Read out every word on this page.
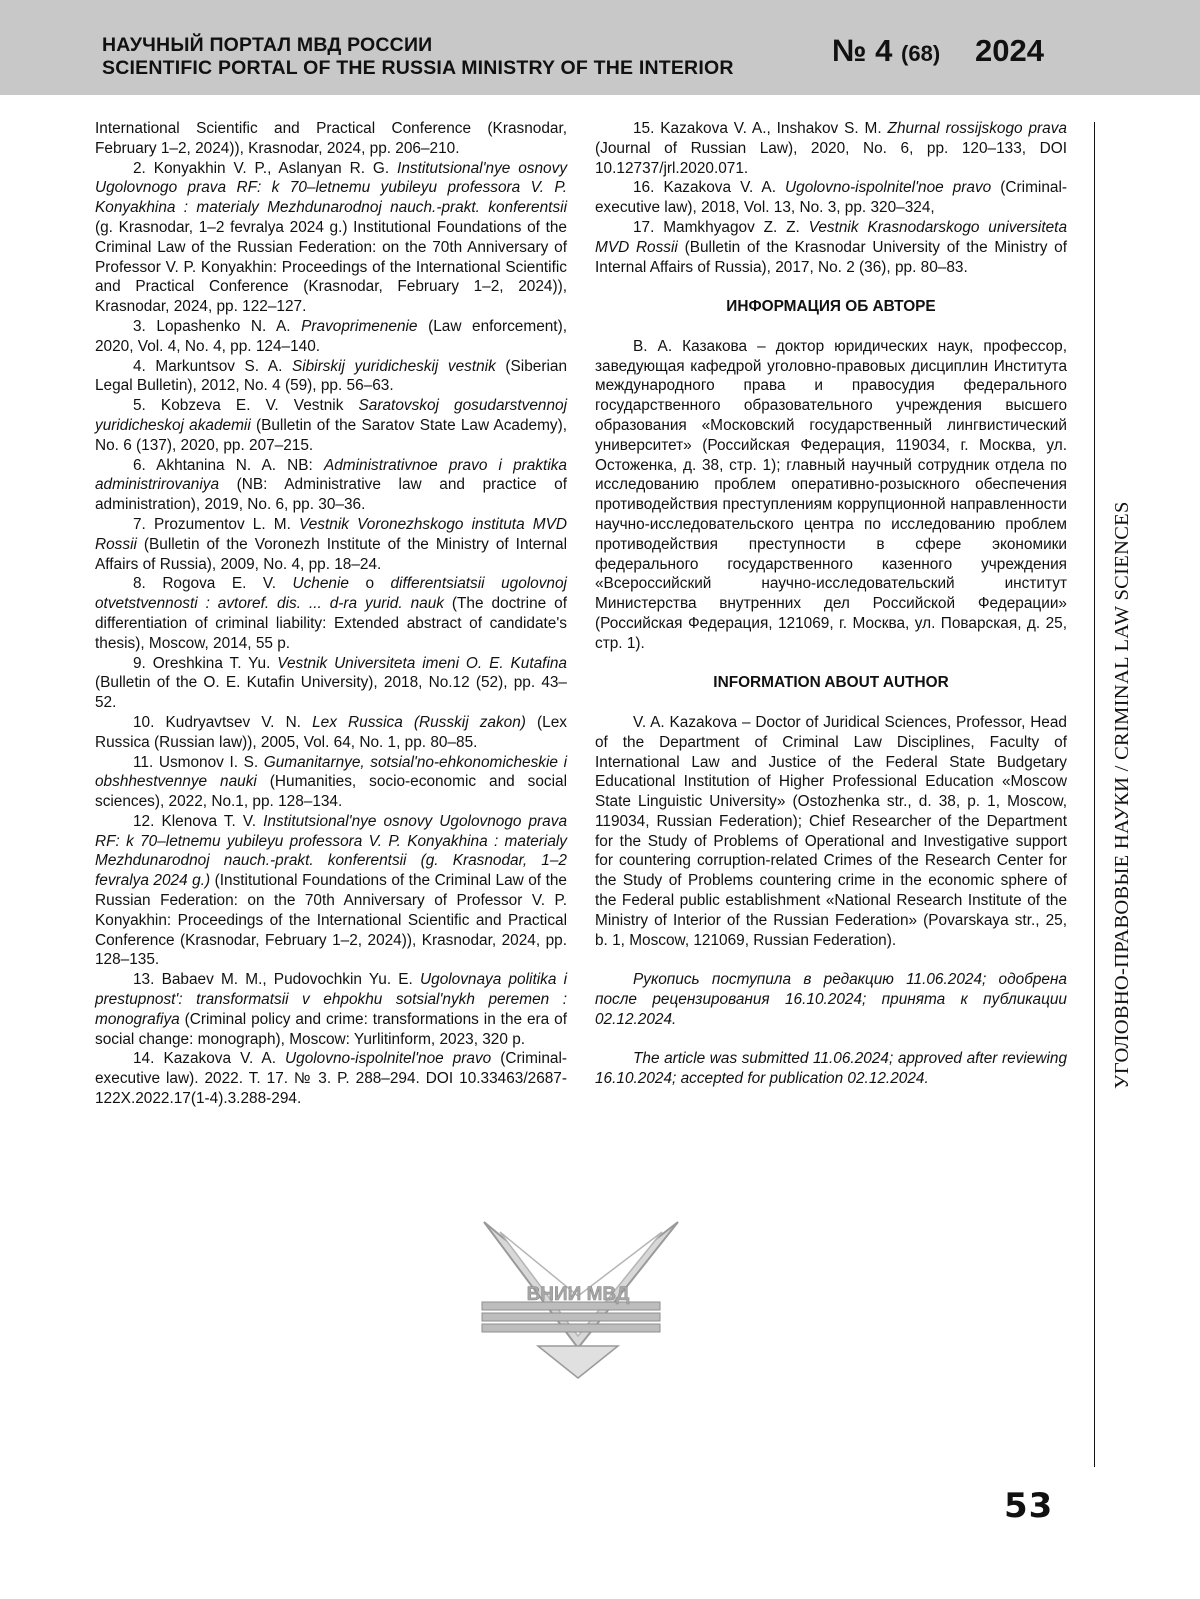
НАУЧНЫЙ ПОРТАЛ МВД РОССИИ
SCIENTIFIC PORTAL OF THE RUSSIA MINISTRY OF THE INTERIOR	№ 4 (68) 2024

International Scientific and Practical Conference (Krasnodar, February 1–2, 2024)), Krasnodar, 2024, pp. 206–210.

2. Konyakhin V. P., Aslanyan R. G. Institutsional'nye osnovy Ugolovnogo prava RF: k 70–letnemu yubileyu professora V. P. Konyakhina : materialy Mezhdunarodnoj nauch.-prakt. konferentsii (g. Krasnodar, 1–2 fevralya 2024 g.) Institutional Foundations of the Criminal Law of the Russian Federation: on the 70th Anniversary of Professor V. P. Konyakhin: Proceedings of the International Scientific and Practical Conference (Krasnodar, February 1–2, 2024)), Krasnodar, 2024, pp. 122–127.

3. Lopashenko N. A. Pravoprimenenie (Law enforcement), 2020, Vol. 4, No. 4, pp. 124–140.

4. Markuntsov S. A. Sibirskij yuridicheskij vestnik (Siberian Legal Bulletin), 2012, No. 4 (59), pp. 56–63.

5. Kobzeva E. V. Vestnik Saratovskoj gosudarstvennoj yuridicheskoj akademii (Bulletin of the Saratov State Law Academy), No. 6 (137), 2020, pp. 207–215.

6. Akhtanina N. A. NB: Administrativnoe pravo i praktika administrirovaniya (NB: Administrative law and practice of administration), 2019, No. 6, pp. 30–36.

7. Prozumentov L. M. Vestnik Voronezhskogo instituta MVD Rossii (Bulletin of the Voronezh Institute of the Ministry of Internal Affairs of Russia), 2009, No. 4, pp. 18–24.

8. Rogova E. V. Uchenie o differentsiatsii ugolovnoj otvetstvennosti : avtoref. dis. ... d-ra yurid. nauk (The doctrine of differentiation of criminal liability: Extended abstract of candidate's thesis), Moscow, 2014, 55 p.

9. Oreshkina T. Yu. Vestnik Universiteta imeni O. E. Kutafina (Bulletin of the O. E. Kutafin University), 2018, No.12 (52), pp. 43–52.

10. Kudryavtsev V. N. Lex Russica (Russkij zakon) (Lex Russica (Russian law)), 2005, Vol. 64, No. 1, pp. 80–85.

11. Usmonov I. S. Gumanitarnye, sotsial'no-ehkonomicheskie i obshhestvennye nauki (Humanities, socio-economic and social sciences), 2022, No.1, pp. 128–134.

12. Klenova T. V. Institutsional'nye osnovy Ugolovnogo prava RF: k 70–letnemu yubileyu professora V. P. Konyakhina : materialy Mezhdunarodnoj nauch.-prakt. konferentsii (g. Krasnodar, 1–2 fevralya 2024 g.) (Institutional Foundations of the Criminal Law of the Russian Federation: on the 70th Anniversary of Professor V. P. Konyakhin: Proceedings of the International Scientific and Practical Conference (Krasnodar, February 1–2, 2024)), Krasnodar, 2024, pp. 128–135.

13. Babaev M. M., Pudovochkin Yu. E. Ugolovnaya politika i prestupnost': transformatsii v ehpokhu sotsial'nykh peremen : monografiya (Criminal policy and crime: transformations in the era of social change: monograph), Moscow: Yurlitinform, 2023, 320 p.

14. Kazakova V. A. Ugolovno-ispolnitel'noe pravo (Criminal-executive law). 2022. T. 17. № 3. P. 288–294. DOI 10.33463/2687-122X.2022.17(1-4).3.288-294.

15. Kazakova V. A., Inshakov S. M. Zhurnal rossijskogo prava (Journal of Russian Law), 2020, No. 6, pp. 120–133, DOI 10.12737/jrl.2020.071.

16. Kazakova V. A. Ugolovno-ispolnitel'noe pravo (Criminal-executive law), 2018, Vol. 13, No. 3, pp. 320–324,

17. Mamkhyagov Z. Z. Vestnik Krasnodarskogo universiteta MVD Rossii (Bulletin of the Krasnodar University of the Ministry of Internal Affairs of Russia), 2017, No. 2 (36), pp. 80–83.

ИНФОРМАЦИЯ ОБ АВТОРЕ

В. А. Казакова – доктор юридических наук, профессор, заведующая кафедрой уголовно-правовых дисциплин Института международного права и правосудия федерального государственного образовательного учреждения высшего образования «Московский государственный лингвистический университет» (Российская Федерация, 119034, г. Москва, ул. Остоженка, д. 38, стр. 1); главный научный сотрудник отдела по исследованию проблем оперативно-розыскного обеспечения противодействия преступлениям коррупционной направленности научно-исследовательского центра по исследованию проблем противодействия преступности в сфере экономики федерального государственного казенного учреждения «Всероссийский научно-исследовательский институт Министерства внутренних дел Российской Федерации» (Российская Федерация, 121069, г. Москва, ул. Поварская, д. 25, стр. 1).

INFORMATION ABOUT AUTHOR

V. A. Kazakova – Doctor of Juridical Sciences, Professor, Head of the Department of Criminal Law Disciplines, Faculty of International Law and Justice of the Federal State Budgetary Educational Institution of Higher Professional Education «Moscow State Linguistic University» (Ostozhenka str., d. 38, p. 1, Moscow, 119034, Russian Federation); Chief Researcher of the Department for the Study of Problems of Operational and Investigative support for countering corruption-related Crimes of the Research Center for the Study of Problems countering crime in the economic sphere of the Federal public establishment «National Research Institute of the Ministry of Interior of the Russian Federation» (Povarskaya str., 25, b. 1, Moscow, 121069, Russian Federation).

Рукопись поступила в редакцию 11.06.2024; одобрена после рецензирования 16.10.2024; принята к публикации 02.12.2024.

The article was submitted 11.06.2024; approved after reviewing 16.10.2024; accepted for publication 02.12.2024.	УГОЛОВНО-ПРАВОВЫЕ НАУКИ / CRIMINAL LAW SCIENCES
ВНИИ МВД
53
